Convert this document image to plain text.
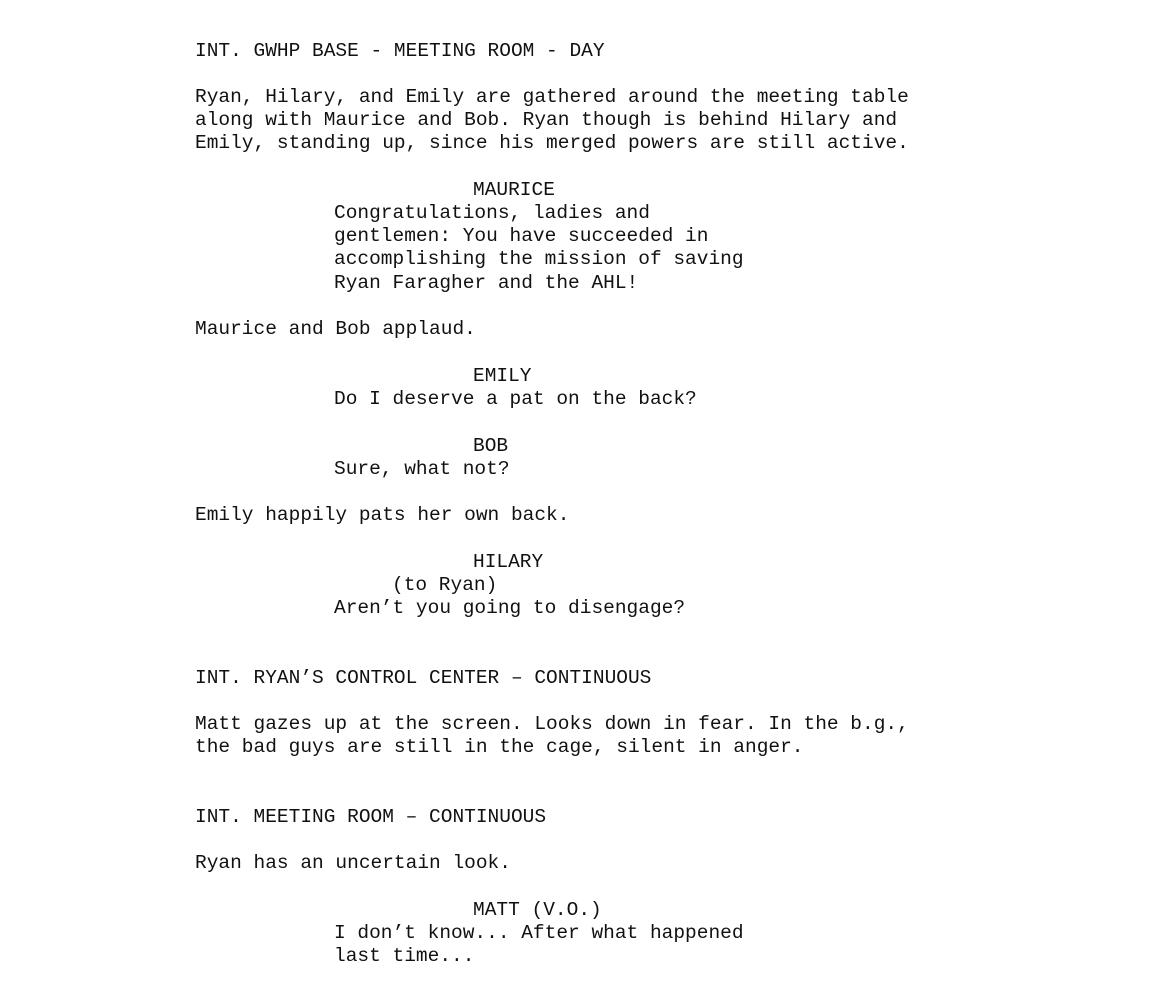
INT. GWHP BASE - MEETING ROOM - DAY
Ryan, Hilary, and Emily are gathered around the meeting table
along with Maurice and Bob. Ryan though is behind Hilary and
Emily, standing up, since his merged powers are still active.
MAURICE
Congratulations, ladies and
gentlemen: You have succeeded in
accomplishing the mission of saving
Ryan Faragher and the AHL!
Maurice and Bob applaud.
EMILY
Do I deserve a pat on the back?
BOB
Sure, what not?
Emily happily pats her own back.
HILARY
(to Ryan)
Aren’t you going to disengage?
INT. RYAN’S CONTROL CENTER – CONTINUOUS
Matt gazes up at the screen. Looks down in fear. In the b.g.,
the bad guys are still in the cage, silent in anger.
INT. MEETING ROOM – CONTINUOUS
Ryan has an uncertain look.
MATT (V.O.)
I don’t know... After what happened
last time...
